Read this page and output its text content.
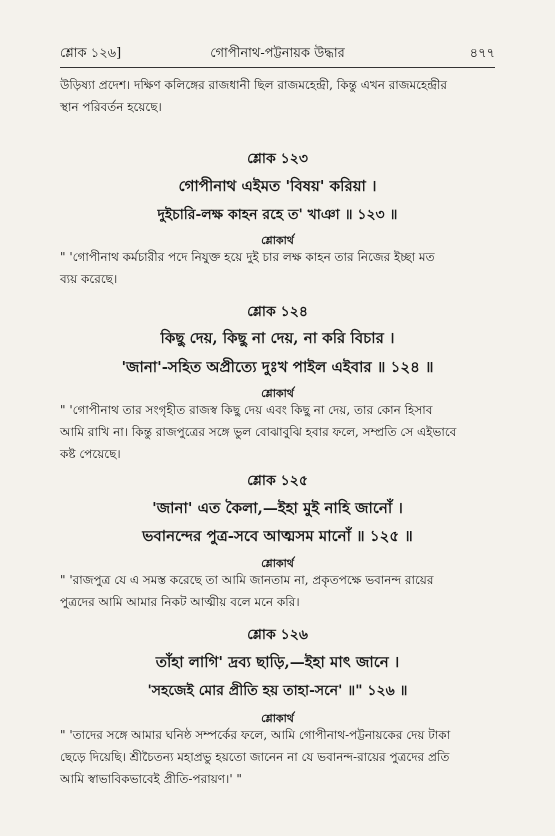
শ্লোক ১২৬]	গোপীনাথ-পট্টনায়ক উদ্ধার	৪৭৭
উড়িষ্যা প্রদেশ। দক্ষিণ কলিঙ্গের রাজধানী ছিল রাজমহেন্দ্রী, কিন্তু এখন রাজমহেন্দ্রীর
স্থান পরিবর্তন হয়েছে।
শ্লোক ১২৩
গোপীনাথ এইমত 'বিষয়' করিয়া ।
দুইচারি-লক্ষ কাহন রহে ত' খাঞা ॥ ১২৩ ॥
শ্লোকার্থ

" 'গোপীনাথ কর্মচারীর পদে নিযুক্ত হয়ে দুই চার লক্ষ কাহন তার নিজের ইচ্ছা মত

ব্যয় করেছে।

শ্লোক ১২৪
কিছু দেয়, কিছু না দেয়, না করি বিচার ।
'জানা'-সহিত অপ্রীত্যে দুঃখ পাইল এইবার ॥ ১২৪ ॥
শ্লোকার্থ

" 'গোপীনাথ তার সংগৃহীত রাজস্ব কিছু দেয় এবং কিছু না দেয়, তার কোন হিসাব

আমি রাখি না। কিন্তু রাজপুত্রের সঙ্গে ভুল বোঝাবুঝি হবার ফলে, সম্প্রতি সে এইভাবে

কষ্ট পেয়েছে।

শ্লোক ১২৫
'জানা' এত কৈলা,—ইহা মুই নাহি জানোঁ ।
ভবানন্দের পুত্র-সবে আত্মসম মানোঁ ॥ ১২৫ ॥
শ্লোকার্থ

" 'রাজপুত্র যে এ সমস্ত করেছে তা আমি জানতাম না, প্রকৃতপক্ষে ভবানন্দ রায়ের

পুত্রদের আমি আমার নিকট আত্মীয় বলে মনে করি।

শ্লোক ১২৬
তাঁহা লাগি' দ্রব্য ছাড়ি,—ইহা মাৎ জানে ।
'সহজেই মোর প্রীতি হয় তাহা-সনে' ॥" ১২৬ ॥
শ্লোকার্থ

" 'তাদের সঙ্গে আমার ঘনিষ্ঠ সম্পর্কের ফলে, আমি গোপীনাথ-পট্টনায়কের দেয় টাকা

ছেড়ে দিয়েছি। শ্রীচৈতন্য মহাপ্রভু হয়তো জানেন না যে ভবানন্দ-রায়ের পুত্রদের প্রতি

আমি স্বাভাবিকভাবেই প্রীতি-পরায়ণ।' "
